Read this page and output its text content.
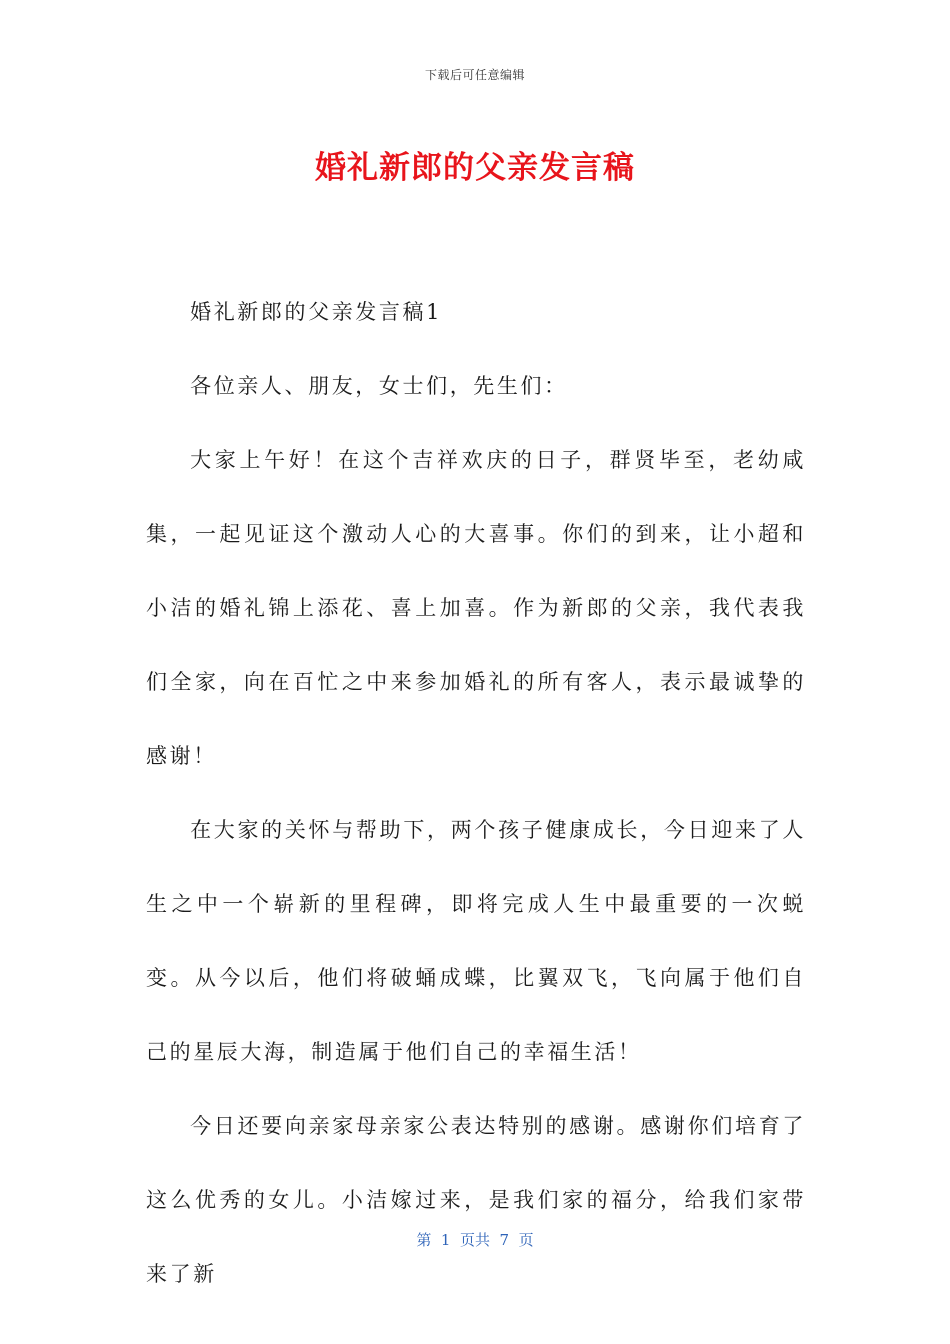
下载后可任意编辑
婚礼新郎的父亲发言稿

婚礼新郎的父亲发言稿1

各位亲人、朋友，女士们，先生们：

大家上午好！在这个吉祥欢庆的日子，群贤毕至，老幼咸集，一起见证这个激动人心的大喜事。你们的到来，让小超和小洁的婚礼锦上添花、喜上加喜。作为新郎的父亲，我代表我们全家，向在百忙之中来参加婚礼的所有客人，表示最诚挚的感谢！

在大家的关怀与帮助下，两个孩子健康成长，今日迎来了人生之中一个崭新的里程碑，即将完成人生中最重要的一次蜕变。从今以后，他们将破蛹成蝶，比翼双飞，飞向属于他们自己的星辰大海，制造属于他们自己的幸福生活！

今日还要向亲家母亲家公表达特别的感谢。感谢你们培育了这么优秀的女儿。小洁嫁过来，是我们家的福分，给我们家带来了新

第  1  页共  7  页
